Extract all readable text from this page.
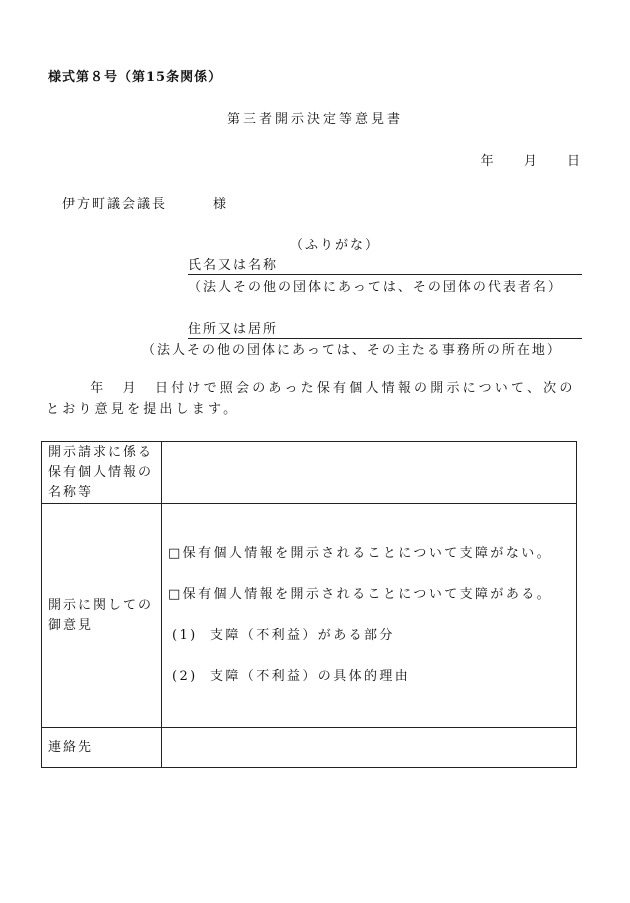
様式第８号（第15条関係）
第三者開示決定等意見書
年 月 日
伊方町議会議長	様
（ふりがな）
氏名又は名称
（法人その他の団体にあっては、その団体の代表者名）
住所又は居所
（法人その他の団体にあっては、その主たる事務所の所在地）
年　月　日付けで照会のあった保有個人情報の開示について、次のとおり意見を提出します。
開示請求に係る保有個人情報の名称等	
開示に関しての御意見	□保有個人情報を開示されることについて支障がない。
□保有個人情報を開示されることについて支障がある。
(1) 支障（不利益）がある部分
(2) 支障（不利益）の具体的理由

連絡先	
